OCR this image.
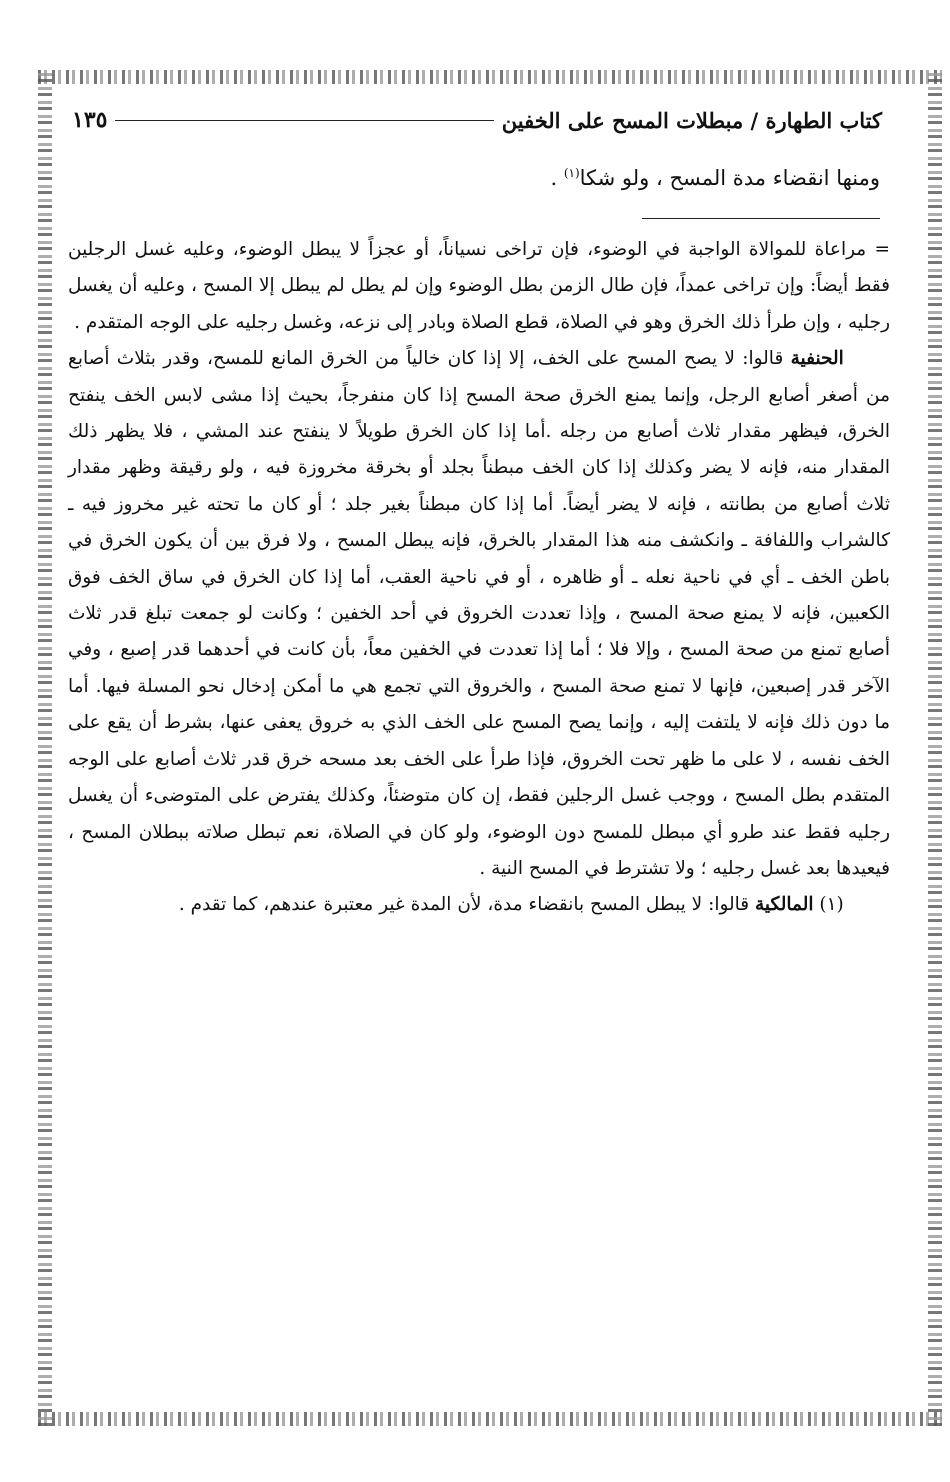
كتاب الطهارة / مبطلات المسح على الخفين
١٣٥
ومنها انقضاء مدة المسح ، ولو شكا$^{(١)}$ .

= مراعاة للموالاة الواجبة في الوضوء، فإن تراخى نسياناً، أو عجزاً لا يبطل الوضوء، وعليه غسل الرجلين فقط أيضاً: وإن تراخى عمداً، فإن طال الزمن بطل الوضوء وإن لم يطل لم يبطل إلا المسح ، وعليه أن يغسل رجليه ، وإن طرأ ذلك الخرق وهو في الصلاة، قطع الصلاة وبادر إلى نزعه، وغسل رجليه على الوجه المتقدم .

الحنفية قالوا: لا يصح المسح على الخف، إلا إذا كان خالياً من الخرق المانع للمسح، وقدر بثلاث أصابع من أصغر أصابع الرجل، وإنما يمنع الخرق صحة المسح إذا كان منفرجاً، بحيث إذا مشى لابس الخف ينفتح الخرق، فيظهر مقدار ثلاث أصابع من رجله .أما إذا كان الخرق طويلاً لا ينفتح عند المشي ، فلا يظهر ذلك المقدار منه، فإنه لا يضر وكذلك إذا كان الخف مبطناً بجلد أو بخرقة مخروزة فيه ، ولو رقيقة وظهر مقدار ثلاث أصابع من بطانته ، فإنه لا يضر أيضاً. أما إذا كان مبطناً بغير جلد ؛ أو كان ما تحته غير مخروز فيه ـ كالشراب واللفافة ـ وانكشف منه هذا المقدار بالخرق، فإنه يبطل المسح ، ولا فرق بين أن يكون الخرق في باطن الخف ـ أي في ناحية نعله ـ أو ظاهره ، أو في ناحية العقب، أما إذا كان الخرق في ساق الخف فوق الكعبين، فإنه لا يمنع صحة المسح ، وإذا تعددت الخروق في أحد الخفين ؛ وكانت لو جمعت تبلغ قدر ثلاث أصابع تمنع من صحة المسح ، وإلا فلا ؛ أما إذا تعددت في الخفين معاً، بأن كانت في أحدهما قدر إصبع ، وفي الآخر قدر إصبعين، فإنها لا تمنع صحة المسح ، والخروق التي تجمع هي ما أمكن إدخال نحو المسلة فيها. أما ما دون ذلك فإنه لا يلتفت إليه ، وإنما يصح المسح على الخف الذي به خروق يعفى عنها، بشرط أن يقع على الخف نفسه ، لا على ما ظهر تحت الخروق، فإذا طرأ على الخف بعد مسحه خرق قدر ثلاث أصابع على الوجه المتقدم بطل المسح ، ووجب غسل الرجلين فقط، إن كان متوضئاً، وكذلك يفترض على المتوضىء أن يغسل رجليه فقط عند طرو أي مبطل للمسح دون الوضوء، ولو كان في الصلاة، نعم تبطل صلاته ببطلان المسح ، فيعيدها بعد غسل رجليه ؛ ولا تشترط في المسح النية .

(١) المالكية قالوا: لا يبطل المسح بانقضاء مدة، لأن المدة غير معتبرة عندهم، كما تقدم .
